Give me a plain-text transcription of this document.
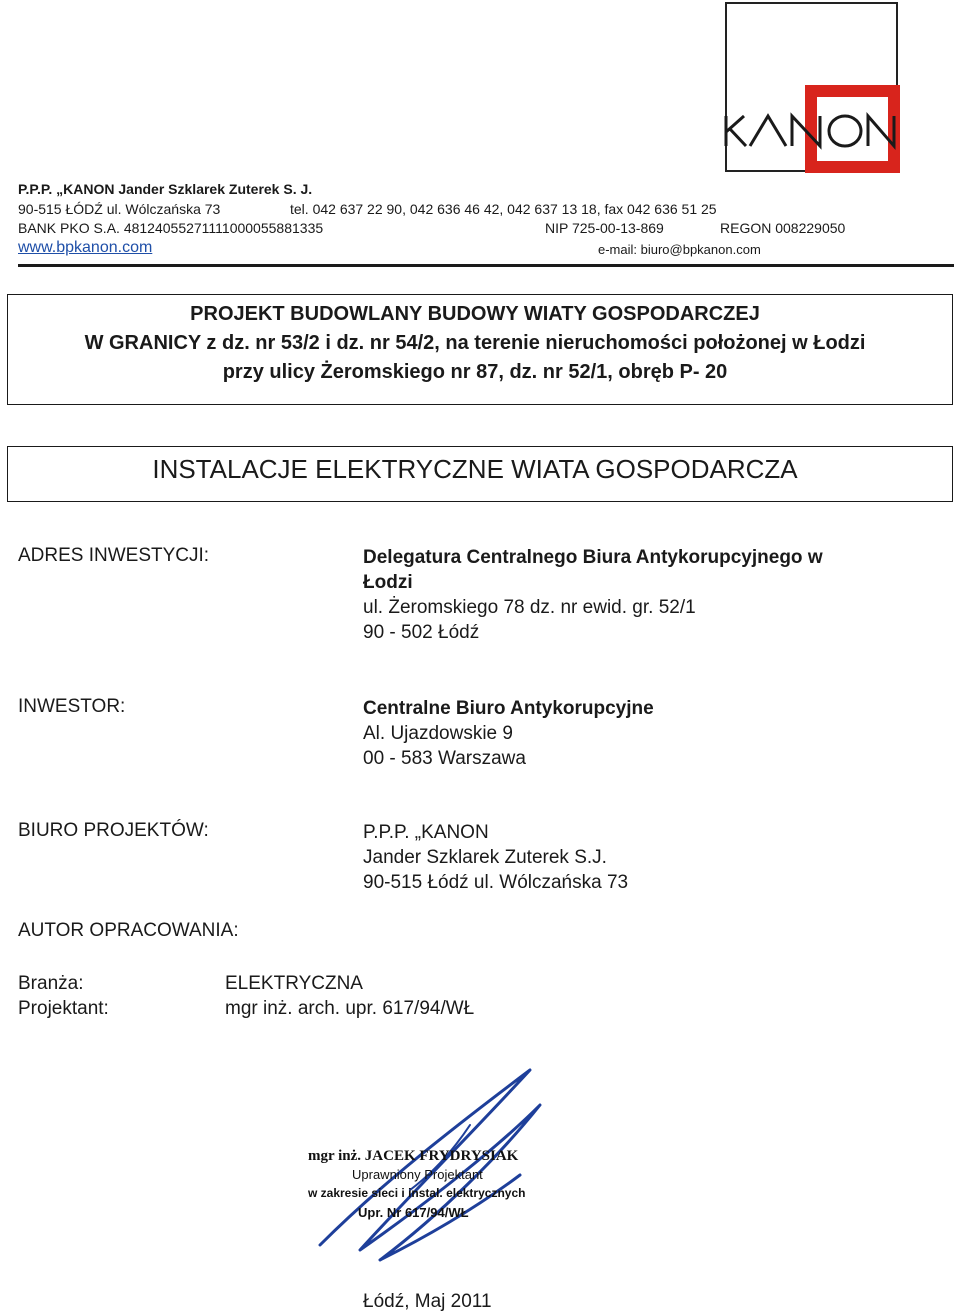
P.P.P. „KANON Jander Szklarek Zuterek S. J.
90-515 ŁÓDŹ ul. Wólczańska 73	tel. 042 637 22 90, 042 636 46 42, 042 637 13 18, fax 042 636 51 25
BANK PKO S.A. 48124055271111000055881335	NIP 725-00-13-869	REGON 008229050
www.bpkanon.com	e-mail: biuro@bpkanon.com
PROJEKT BUDOWLANY BUDOWY WIATY GOSPODARCZEJ
W GRANICY z dz. nr 53/2 i dz. nr 54/2, na terenie nieruchomości położonej w Łodzi
przy ulicy Żeromskiego nr 87, dz. nr 52/1, obręb P- 20
INSTALACJE ELEKTRYCZNE WIATA GOSPODARCZA
ADRES INWESTYCJI:	Delegatura Centralnego Biura Antykorupcyjnego w
Łodzi
ul. Żeromskiego 78 dz. nr ewid. gr. 52/1
90 - 502 Łódź
INWESTOR:	Centralne Biuro Antykorupcyjne
Al. Ujazdowskie 9
00 - 583 Warszawa
BIURO PROJEKTÓW:	P.P.P. „KANON
Jander Szklarek Zuterek S.J.
90-515 Łódź ul. Wólczańska 73
AUTOR OPRACOWANIA:
Branża:	ELEKTRYCZNA
Projektant:	mgr inż. arch. upr. 617/94/WŁ
mgr inż. JACEK FRYDRYSIAK
Uprawniony Projektant
w zakresie sieci i instal. elektrycznych
Upr. Nr 617/94/WŁ
Łódź, Maj 2011
